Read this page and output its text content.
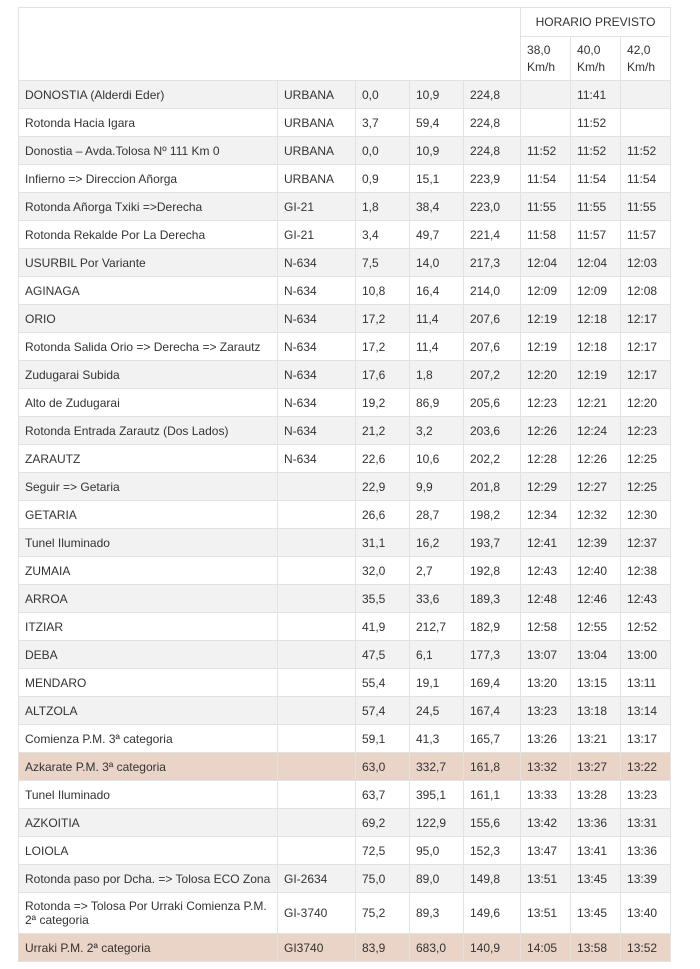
					HORARIO PREVISTO		
					38,0 Km/h	40,0 Km/h	42,0 Km/h
DONOSTIA (Alderdi Eder)	URBANA	0,0	10,9	224,8		11:41	
Rotonda Hacia Igara	URBANA	3,7	59,4	224,8		11:52	
Donostia – Avda.Tolosa Nº 111 Km 0	URBANA	0,0	10,9	224,8	11:52	11:52	11:52
Infierno => Direccion Añorga	URBANA	0,9	15,1	223,9	11:54	11:54	11:54
Rotonda Añorga Txiki =>Derecha	GI-21	1,8	38,4	223,0	11:55	11:55	11:55
Rotonda Rekalde Por La Derecha	GI-21	3,4	49,7	221,4	11:58	11:57	11:57
USURBIL Por Variante	N-634	7,5	14,0	217,3	12:04	12:04	12:03
AGINAGA	N-634	10,8	16,4	214,0	12:09	12:09	12:08
ORIO	N-634	17,2	11,4	207,6	12:19	12:18	12:17
Rotonda Salida Orio => Derecha => Zarautz	N-634	17,2	11,4	207,6	12:19	12:18	12:17
Zudugarai Subida	N-634	17,6	1,8	207,2	12:20	12:19	12:17
Alto de Zudugarai	N-634	19,2	86,9	205,6	12:23	12:21	12:20
Rotonda Entrada Zarautz (Dos Lados)	N-634	21,2	3,2	203,6	12:26	12:24	12:23
ZARAUTZ	N-634	22,6	10,6	202,2	12:28	12:26	12:25
Seguir => Getaria		22,9	9,9	201,8	12:29	12:27	12:25
GETARIA		26,6	28,7	198,2	12:34	12:32	12:30
Tunel Iluminado		31,1	16,2	193,7	12:41	12:39	12:37
ZUMAIA		32,0	2,7	192,8	12:43	12:40	12:38
ARROA		35,5	33,6	189,3	12:48	12:46	12:43
ITZIAR		41,9	212,7	182,9	12:58	12:55	12:52
DEBA		47,5	6,1	177,3	13:07	13:04	13:00
MENDARO		55,4	19,1	169,4	13:20	13:15	13:11
ALTZOLA		57,4	24,5	167,4	13:23	13:18	13:14
Comienza P.M. 3ª categoria		59,1	41,3	165,7	13:26	13:21	13:17
Azkarate P.M. 3ª categoria		63,0	332,7	161,8	13:32	13:27	13:22
Tunel Iluminado		63,7	395,1	161,1	13:33	13:28	13:23
AZKOITIA		69,2	122,9	155,6	13:42	13:36	13:31
LOIOLA		72,5	95,0	152,3	13:47	13:41	13:36
Rotonda paso por Dcha. => Tolosa ECO Zona	GI-2634	75,0	89,0	149,8	13:51	13:45	13:39
Rotonda => Tolosa Por Urraki Comienza P.M. 2ª categoria	GI-3740	75,2	89,3	149,6	13:51	13:45	13:40
Urraki P.M. 2ª categoria	GI3740	83,9	683,0	140,9	14:05	13:58	13:52
